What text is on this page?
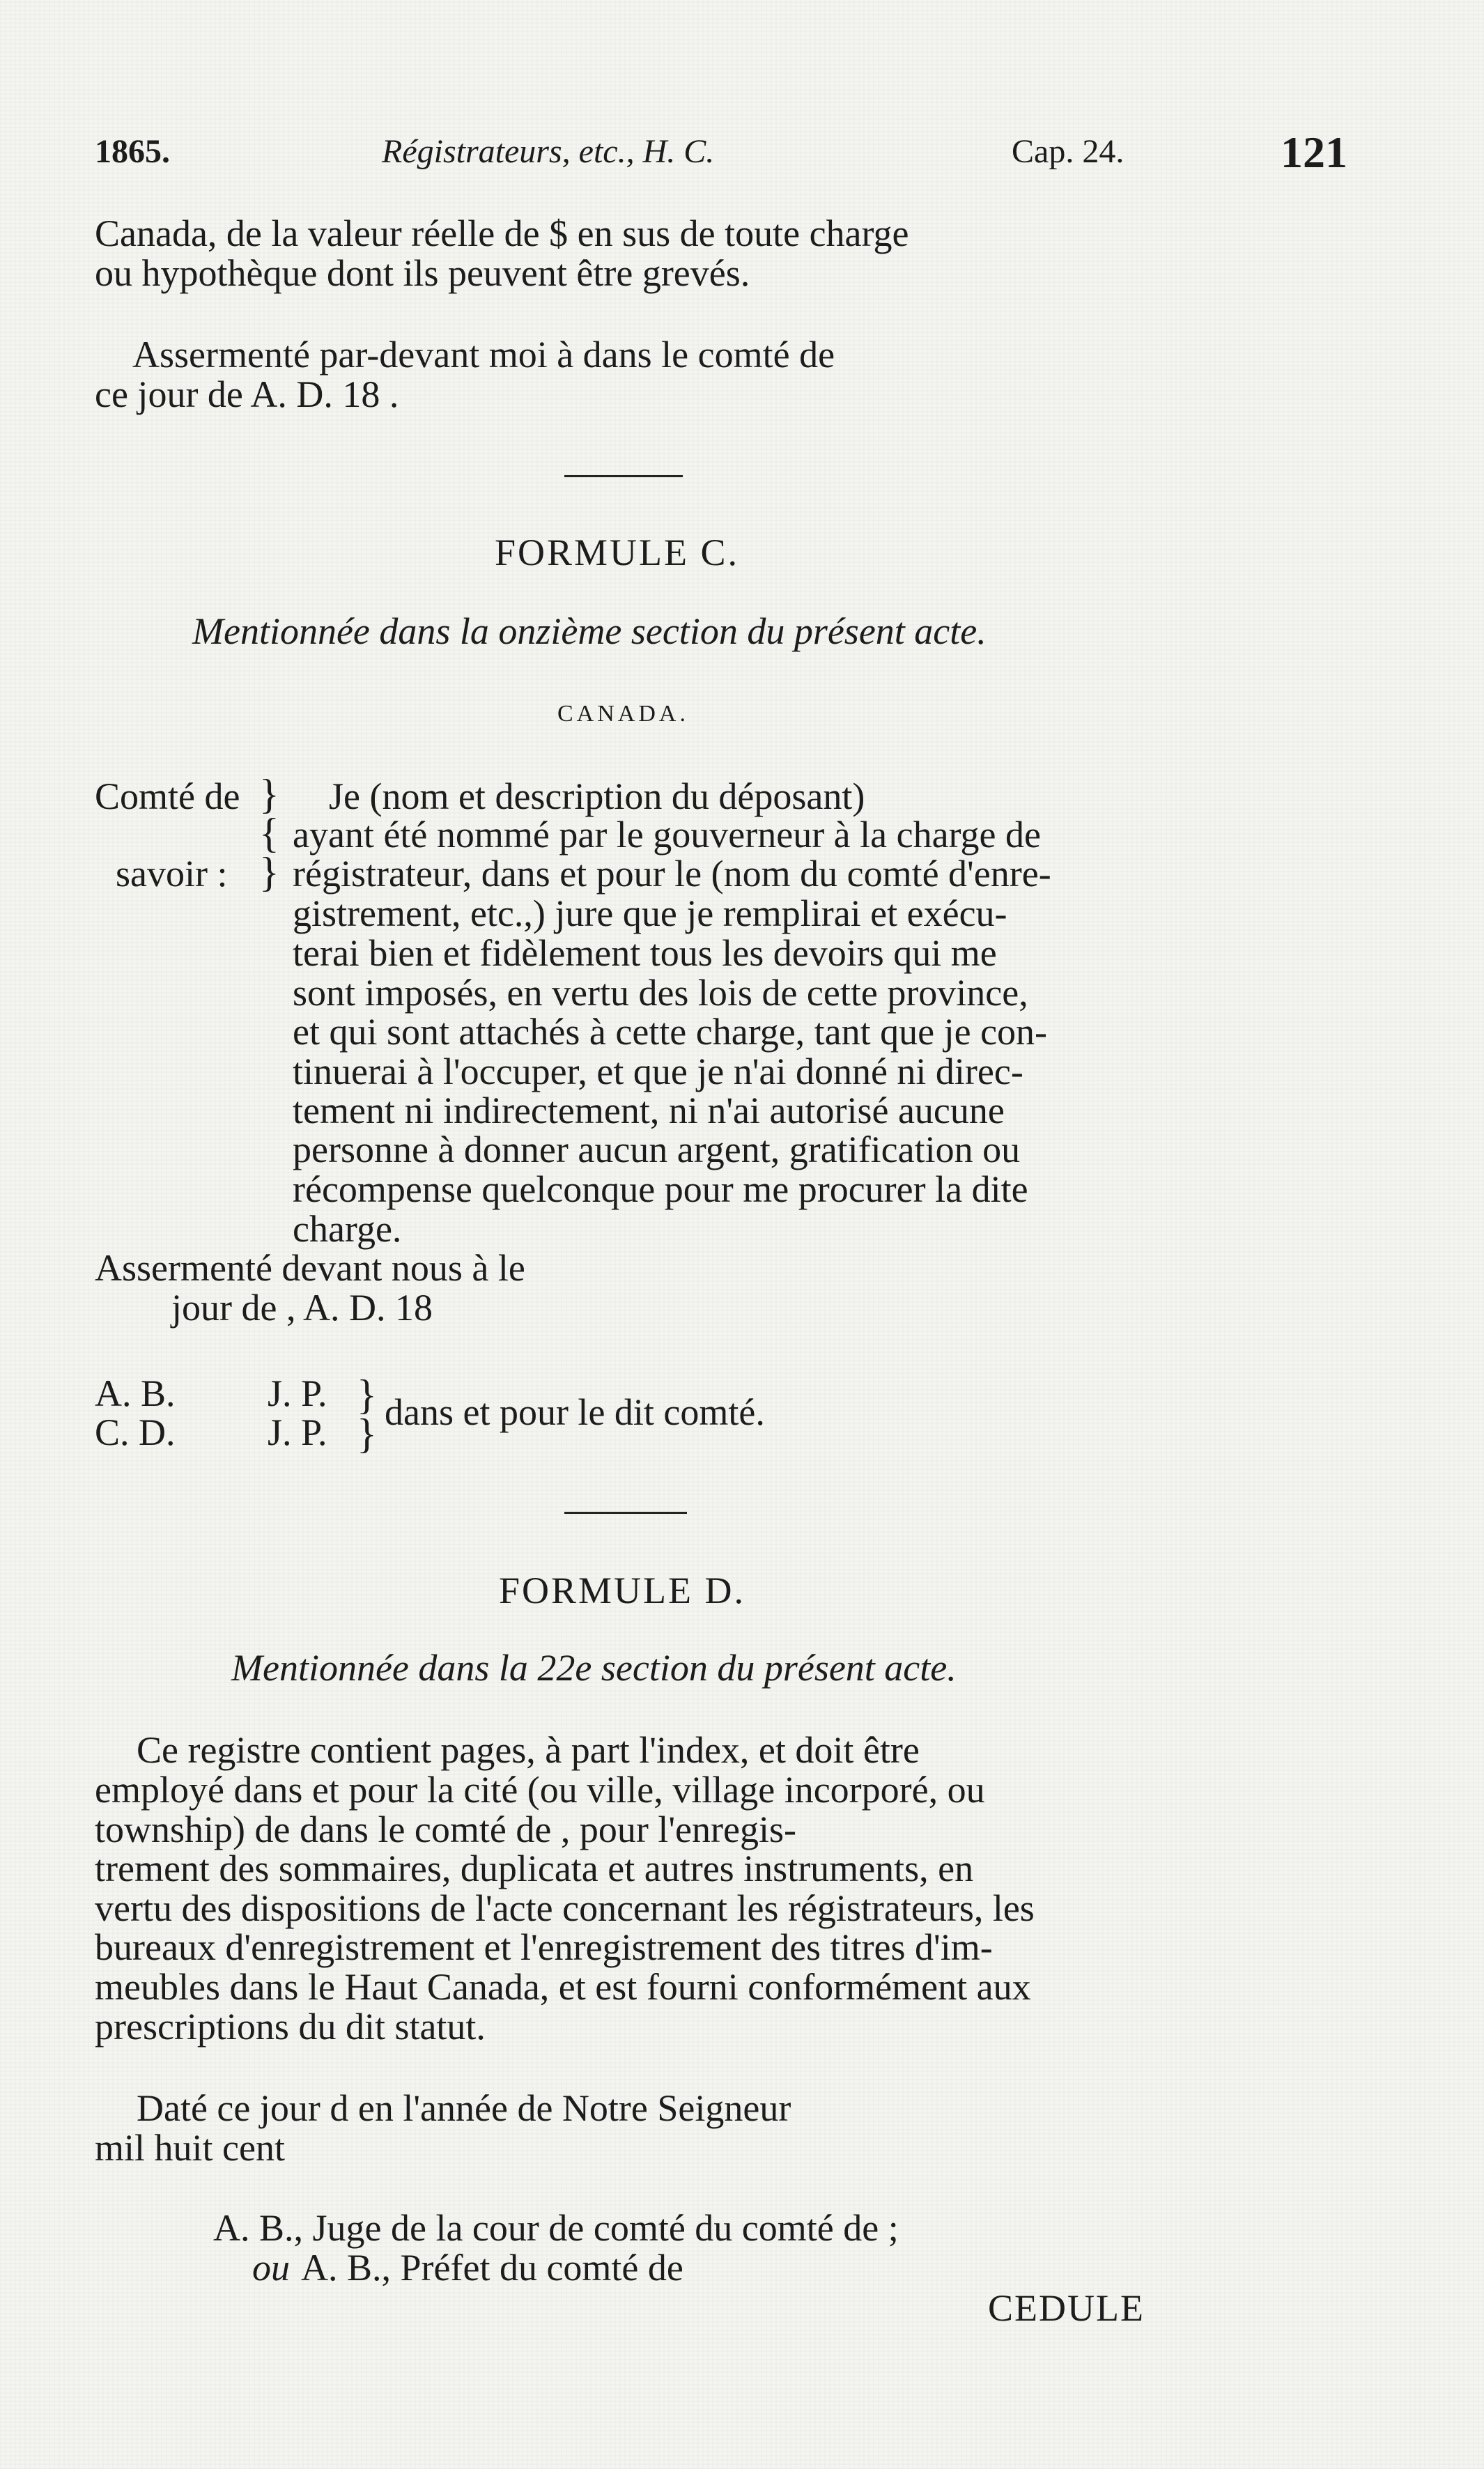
1865.	Régistrateurs, etc., H. C.	Cap. 24.	121
Canada, de la valeur réelle de $ en sus de toute charge
ou hypothèque dont ils peuvent être grevés.
Assermenté par-devant moi à dans le comté de
ce jour de A. D. 18 .
FORMULE C.
Mentionnée dans la onzième section du présent acte.
CANADA.
Comté de
savoir :
}
{
}
Je (nom et description du déposant)
ayant été nommé par le gouverneur à la charge de
régistrateur, dans et pour le (nom du comté d'enre-
gistrement, etc.,) jure que je remplirai et exécu-
terai bien et fidèlement tous les devoirs qui me
sont imposés, en vertu des lois de cette province,
et qui sont attachés à cette charge, tant que je con-
tinuerai à l'occuper, et que je n'ai donné ni direc-
tement ni indirectement, ni n'ai autorisé aucune
personne à donner aucun argent, gratification ou
récompense quelconque pour me procurer la dite
charge.
Assermenté devant nous à le
jour de , A. D. 18
A. B. J. P.
C. D. J. P.
}
} dans et pour le dit comté.
FORMULE D.
Mentionnée dans la 22e section du présent acte.
Ce registre contient pages, à part l'index, et doit être
employé dans et pour la cité (ou ville, village incorporé, ou
township) de dans le comté de , pour l'enregis-
trement des sommaires, duplicata et autres instruments, en
vertu des dispositions de l'acte concernant les régistrateurs, les
bureaux d'enregistrement et l'enregistrement des titres d'im-
meubles dans le Haut Canada, et est fourni conformément aux
prescriptions du dit statut.
Daté ce jour d en l'année de Notre Seigneur
mil huit cent
A. B., Juge de la cour de comté du comté de ;
ou A. B., Préfet du comté de
CEDULE
